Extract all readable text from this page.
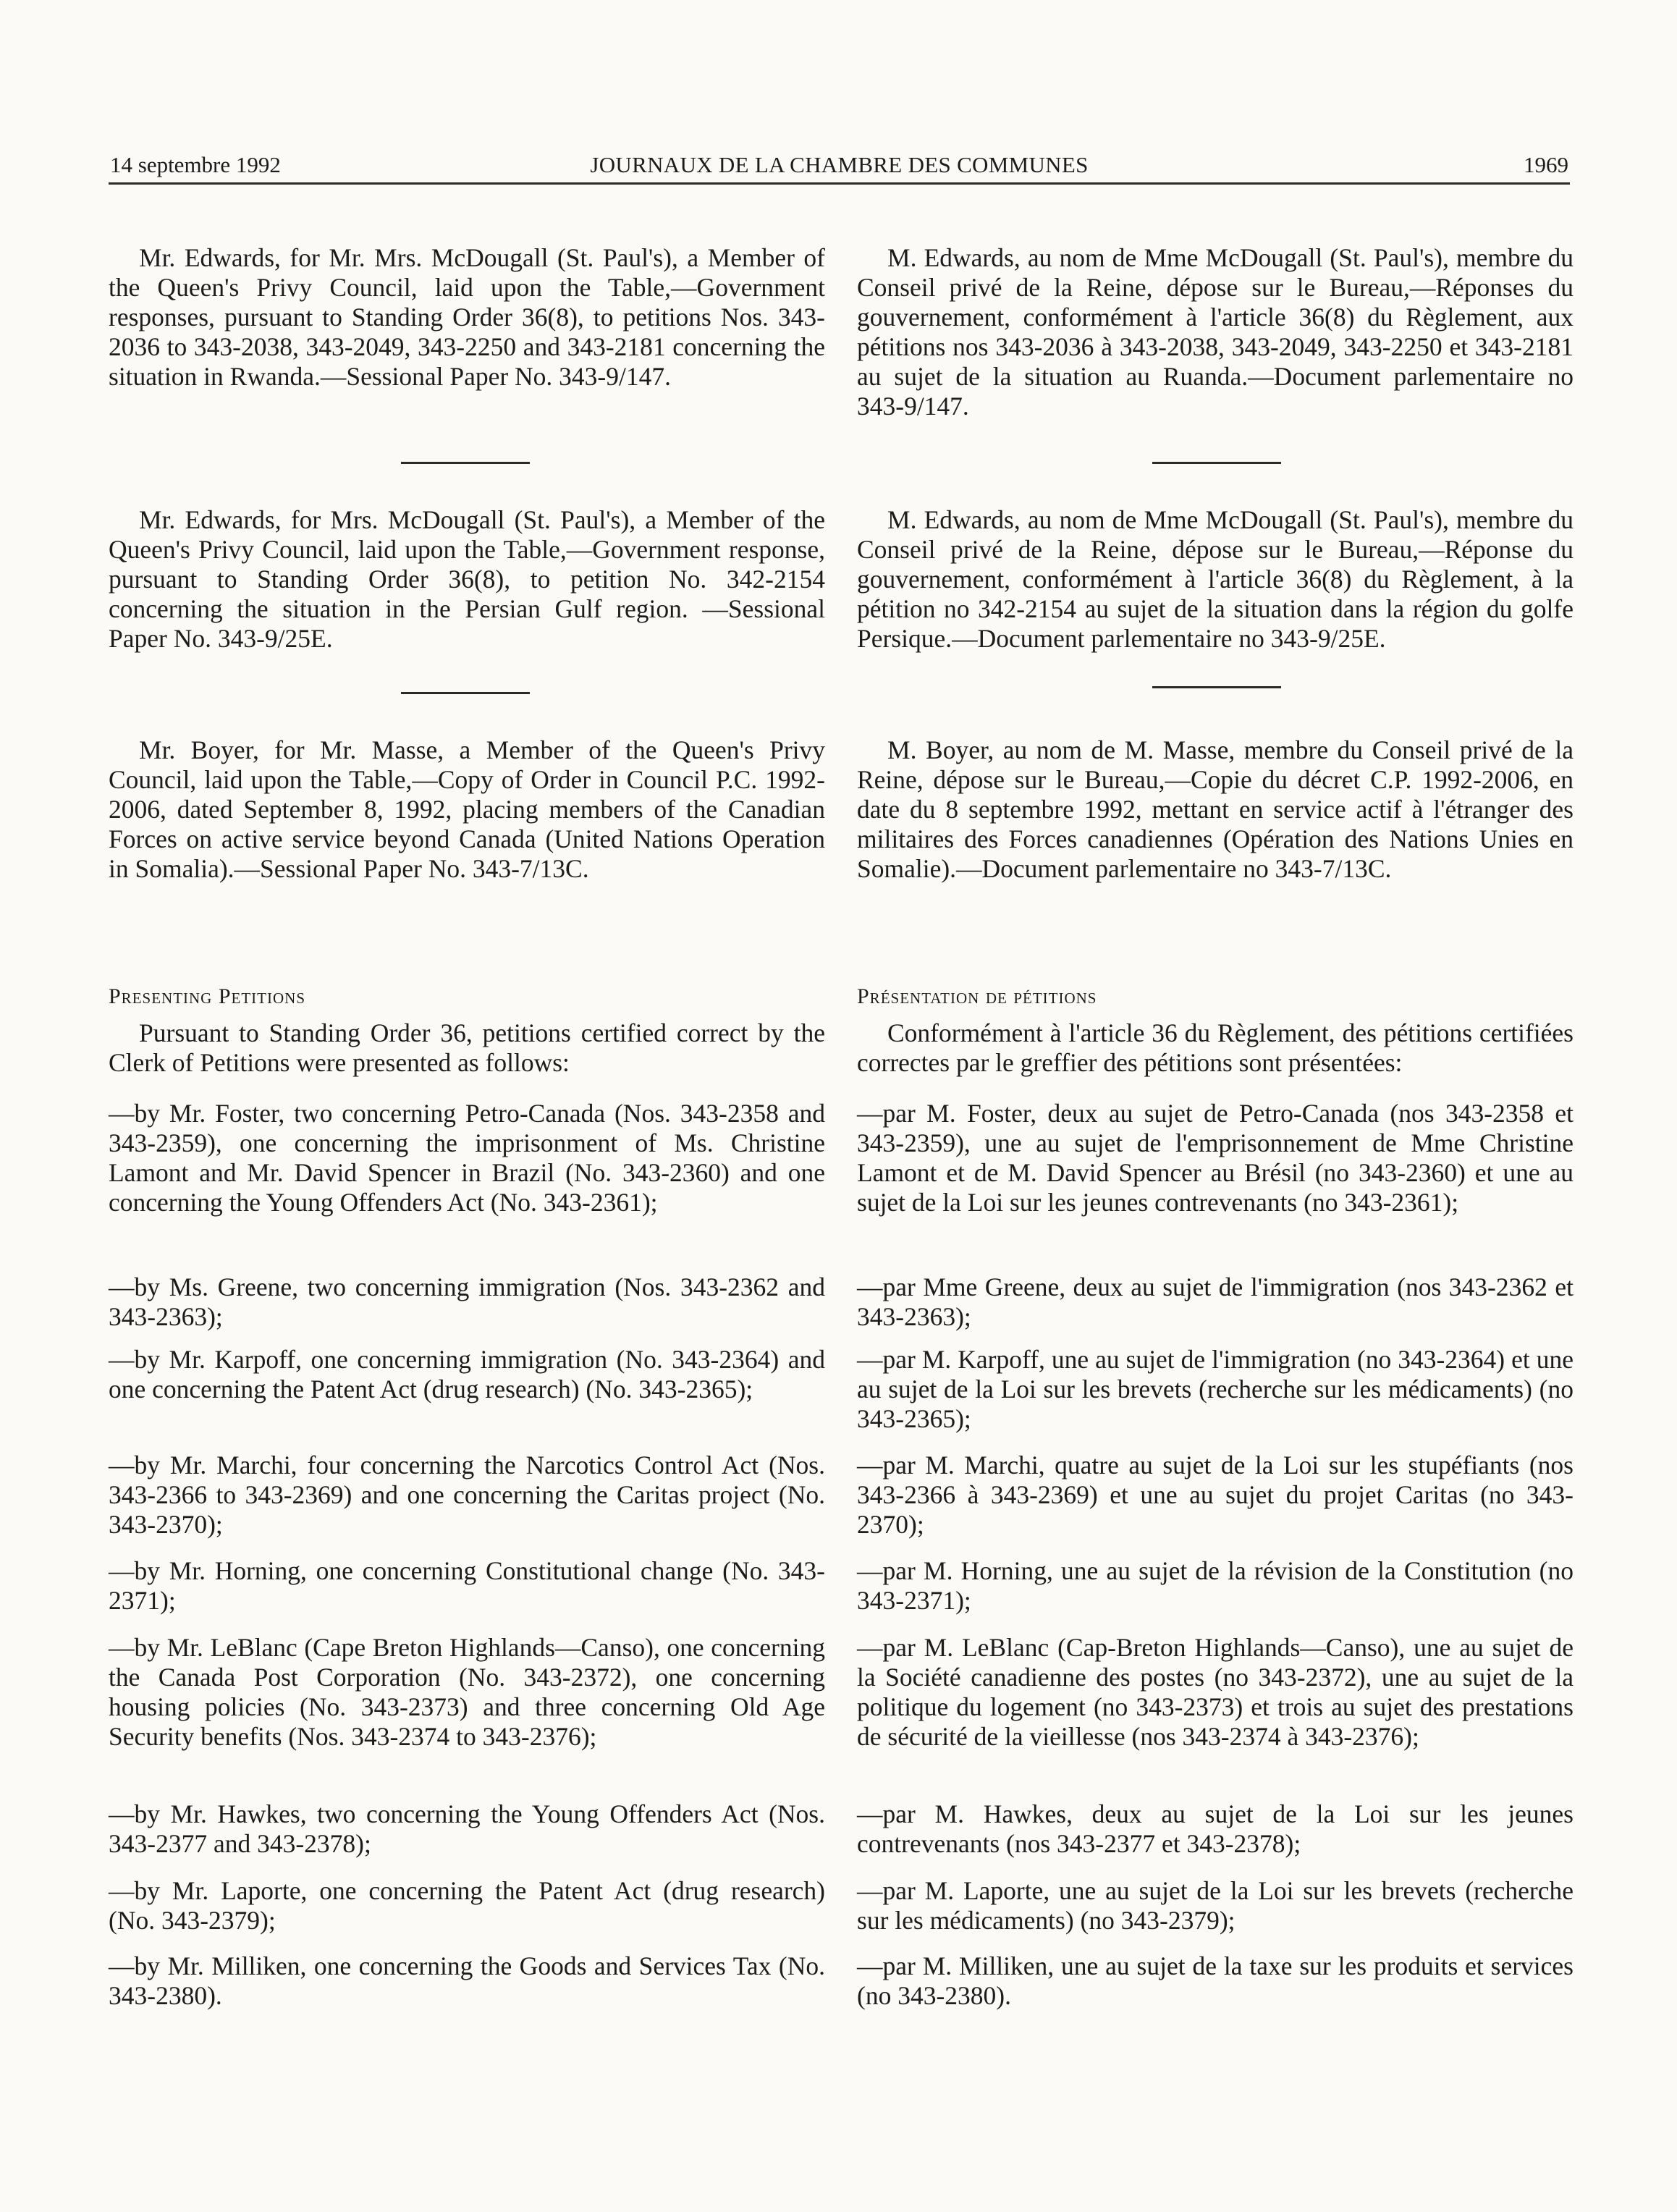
14 septembre 1992	JOURNAUX DE LA CHAMBRE DES COMMUNES	1969

Mr. Edwards, for Mr. Mrs. McDougall (St. Paul's), a Member of the Queen's Privy Council, laid upon the Table,—Government responses, pursuant to Standing Order 36(8), to petitions Nos. 343-2036 to 343-2038, 343-2049, 343-2250 and 343-2181 concerning the situation in Rwanda.—Sessional Paper No. 343-9/147.

Mr. Edwards, for Mrs. McDougall (St. Paul's), a Member of the Queen's Privy Council, laid upon the Table,—Government response, pursuant to Standing Order 36(8), to petition No. 342-2154 concerning the situation in the Persian Gulf region. —Sessional Paper No. 343-9/25E.

Mr. Boyer, for Mr. Masse, a Member of the Queen's Privy Council, laid upon the Table,—Copy of Order in Council P.C. 1992-2006, dated September 8, 1992, placing members of the Canadian Forces on active service beyond Canada (United Nations Operation in Somalia).—Sessional Paper No. 343-7/13C.

Presenting Petitions

Pursuant to Standing Order 36, petitions certified correct by the Clerk of Petitions were presented as follows:

—by Mr. Foster, two concerning Petro-Canada (Nos. 343-2358 and 343-2359), one concerning the imprisonment of Ms. Christine Lamont and Mr. David Spencer in Brazil (No. 343-2360) and one concerning the Young Offenders Act (No. 343-2361);

—by Ms. Greene, two concerning immigration (Nos. 343-2362 and 343-2363);

—by Mr. Karpoff, one concerning immigration (No. 343-2364) and one concerning the Patent Act (drug research) (No. 343-2365);

—by Mr. Marchi, four concerning the Narcotics Control Act (Nos. 343-2366 to 343-2369) and one concerning the Caritas project (No. 343-2370);

—by Mr. Horning, one concerning Constitutional change (No. 343-2371);

—by Mr. LeBlanc (Cape Breton Highlands—Canso), one concerning the Canada Post Corporation (No. 343-2372), one concerning housing policies (No. 343-2373) and three concerning Old Age Security benefits (Nos. 343-2374 to 343-2376);

—by Mr. Hawkes, two concerning the Young Offenders Act (Nos. 343-2377 and 343-2378);

—by Mr. Laporte, one concerning the Patent Act (drug research) (No. 343-2379);

—by Mr. Milliken, one concerning the Goods and Services Tax (No. 343-2380).

M. Edwards, au nom de Mme McDougall (St. Paul's), membre du Conseil privé de la Reine, dépose sur le Bureau,—Réponses du gouvernement, conformément à l'article 36(8) du Règlement, aux pétitions nos 343-2036 à 343-2038, 343-2049, 343-2250 et 343-2181 au sujet de la situation au Ruanda.—Document parlementaire no 343-9/147.

M. Edwards, au nom de Mme McDougall (St. Paul's), membre du Conseil privé de la Reine, dépose sur le Bureau,—Réponse du gouvernement, conformément à l'article 36(8) du Règlement, à la pétition no 342-2154 au sujet de la situation dans la région du golfe Persique.—Document parlementaire no 343-9/25E.

M. Boyer, au nom de M. Masse, membre du Conseil privé de la Reine, dépose sur le Bureau,—Copie du décret C.P. 1992-2006, en date du 8 septembre 1992, mettant en service actif à l'étranger des militaires des Forces canadiennes (Opération des Nations Unies en Somalie).—Document parlementaire no 343-7/13C.

Présentation de pétitions

Conformément à l'article 36 du Règlement, des pétitions certifiées correctes par le greffier des pétitions sont présentées:

—par M. Foster, deux au sujet de Petro-Canada (nos 343-2358 et 343-2359), une au sujet de l'emprisonnement de Mme Christine Lamont et de M. David Spencer au Brésil (no 343-2360) et une au sujet de la Loi sur les jeunes contrevenants (no 343-2361);

—par Mme Greene, deux au sujet de l'immigration (nos 343-2362 et 343-2363);

—par M. Karpoff, une au sujet de l'immigration (no 343-2364) et une au sujet de la Loi sur les brevets (recherche sur les médicaments) (no 343-2365);

—par M. Marchi, quatre au sujet de la Loi sur les stupéfiants (nos 343-2366 à 343-2369) et une au sujet du projet Caritas (no 343-2370);

—par M. Horning, une au sujet de la révision de la Constitution (no 343-2371);

—par M. LeBlanc (Cap-Breton Highlands—Canso), une au sujet de la Société canadienne des postes (no 343-2372), une au sujet de la politique du logement (no 343-2373) et trois au sujet des prestations de sécurité de la vieillesse (nos 343-2374 à 343-2376);

—par M. Hawkes, deux au sujet de la Loi sur les jeunes contrevenants (nos 343-2377 et 343-2378);

—par M. Laporte, une au sujet de la Loi sur les brevets (recherche sur les médicaments) (no 343-2379);

—par M. Milliken, une au sujet de la taxe sur les produits et services (no 343-2380).
